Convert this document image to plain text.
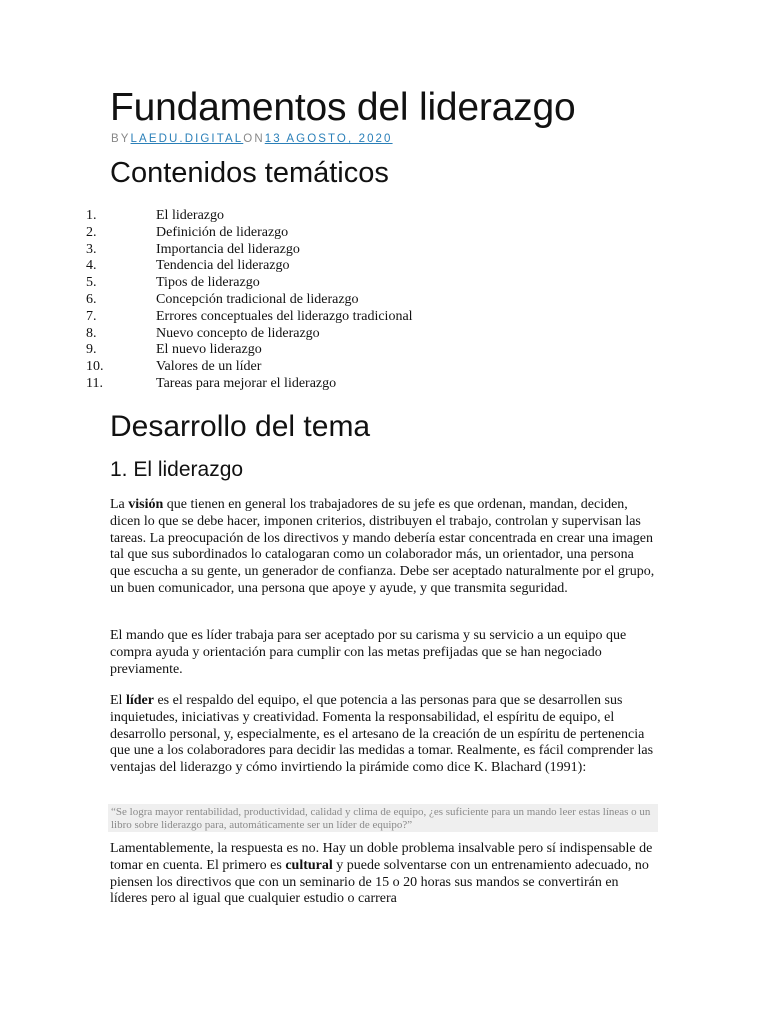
Fundamentos del liderazgo
BYLAEDU.DIGITALON13 AGOSTO, 2020
Contenidos temáticos
1.	El liderazgo
2.	Definición de liderazgo
3.	Importancia del liderazgo
4.	Tendencia del liderazgo
5.	Tipos de liderazgo
6.	Concepción tradicional de liderazgo
7.	Errores conceptuales del liderazgo tradicional
8.	Nuevo concepto de liderazgo
9.	El nuevo liderazgo
10.	Valores de un líder
11.	Tareas para mejorar el liderazgo
Desarrollo del tema
1. El liderazgo

La visión que tienen en general los trabajadores de su jefe es que ordenan, mandan, deciden, dicen lo que se debe hacer, imponen criterios, distribuyen el trabajo, controlan y supervisan las tareas. La preocupación de los directivos y mando debería estar concentrada en crear una imagen tal que sus subordinados lo catalogaran como un colaborador más, un orientador, una persona que escucha a su gente, un generador de confianza. Debe ser aceptado naturalmente por el grupo, un buen comunicador, una persona que apoye y ayude, y que transmita seguridad.

El mando que es líder trabaja para ser aceptado por su carisma y su servicio a un equipo que compra ayuda y orientación para cumplir con las metas prefijadas que se han negociado previamente.

El líder es el respaldo del equipo, el que potencia a las personas para que se desarrollen sus inquietudes, iniciativas y creatividad. Fomenta la responsabilidad, el espíritu de equipo, el desarrollo personal, y, especialmente, es el artesano de la creación de un espíritu de pertenencia que une a los colaboradores para decidir las medidas a tomar. Realmente, es fácil comprender las ventajas del liderazgo y cómo invirtiendo la pirámide como dice K. Blachard (1991):

“Se logra mayor rentabilidad, productividad, calidad y clima de equipo, ¿es suficiente para un mando leer estas líneas o un libro sobre liderazgo para, automáticamente ser un líder de equipo?”

Lamentablemente, la respuesta es no. Hay un doble problema insalvable pero sí indispensable de tomar en cuenta. El primero es cultural y puede solventarse con un entrenamiento adecuado, no piensen los directivos que con un seminario de 15 o 20 horas sus mandos se convertirán en líderes pero al igual que cualquier estudio o carrera
